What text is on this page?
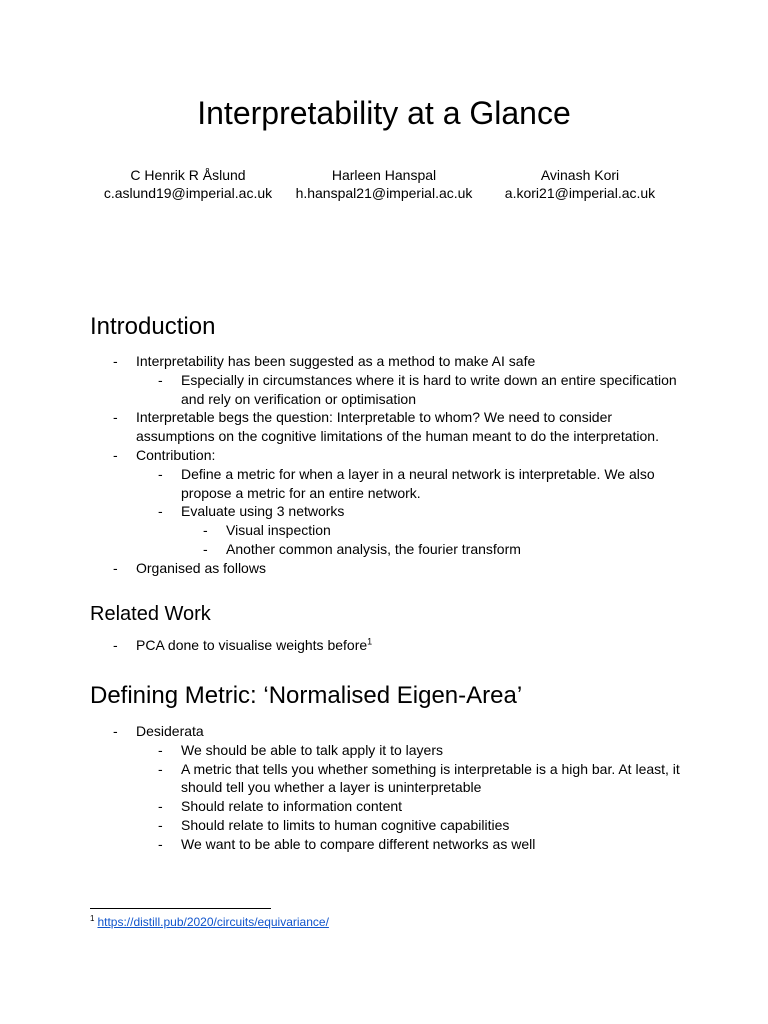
Interpretability at a Glance
C Henrik R Åslund
c.aslund19@imperial.ac.uk
Harleen Hanspal
h.hanspal21@imperial.ac.uk
Avinash Kori
a.kori21@imperial.ac.uk
Introduction
- Interpretability has been suggested as a method to make AI safe
- Especially in circumstances where it is hard to write down an entire specification and rely on verification or optimisation
- Interpretable begs the question: Interpretable to whom? We need to consider assumptions on the cognitive limitations of the human meant to do the interpretation.
- Contribution:
- Define a metric for when a layer in a neural network is interpretable. We also propose a metric for an entire network.
- Evaluate using 3 networks
- Visual inspection
- Another common analysis, the fourier transform
- Organised as follows
Related Work
- PCA done to visualise weights before$^1$
Defining Metric: ‘Normalised Eigen-Area’
- Desiderata
- We should be able to talk apply it to layers
- A metric that tells you whether something is interpretable is a high bar. At least, it should tell you whether a layer is uninterpretable
- Should relate to information content
- Should relate to limits to human cognitive capabilities
- We want to be able to compare different networks as well
$^1$ https://distill.pub/2020/circuits/equivariance/
